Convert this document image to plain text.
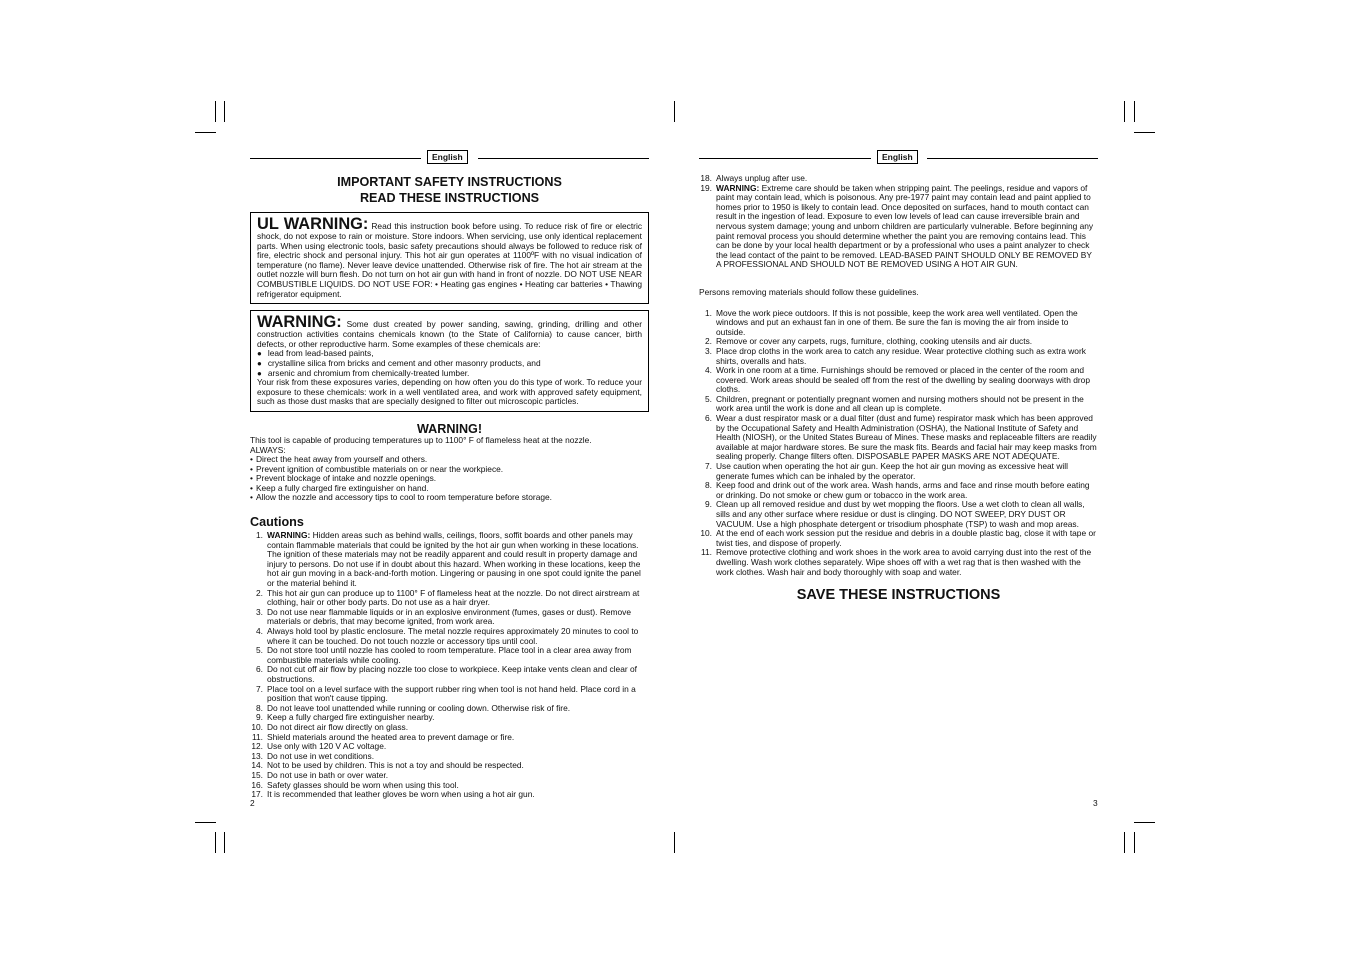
English
IMPORTANT SAFETY INSTRUCTIONS
READ THESE INSTRUCTIONS
UL WARNING: Read this instruction book before using. To reduce risk of fire or electric shock, do not expose to rain or moisture. Store indoors. When servicing, use only identical replacement parts. When using electronic tools, basic safety precautions should always be followed to reduce risk of fire, electric shock and personal injury. This hot air gun operates at 1100ºF with no visual indication of temperature (no flame). Never leave device unattended. Otherwise risk of fire. The hot air stream at the outlet nozzle will burn flesh. Do not turn on hot air gun with hand in front of nozzle. DO NOT USE NEAR COMBUSTIBLE LIQUIDS. DO NOT USE FOR: • Heating gas engines • Heating car batteries • Thawing refrigerator equipment.
WARNING: Some dust created by power sanding, sawing, grinding, drilling and other construction activities contains chemicals known (to the State of California) to cause cancer, birth defects, or other reproductive harm. Some examples of these chemicals are:
● lead from lead-based paints,
● crystalline silica from bricks and cement and other masonry products, and
● arsenic and chromium from chemically-treated lumber.
Your risk from these exposures varies, depending on how often you do this type of work. To reduce your exposure to these chemicals: work in a well ventilated area, and work with approved safety equipment, such as those dust masks that are specially designed to filter out microscopic particles.
WARNING!
This tool is capable of producing temperatures up to 1100° F of flameless heat at the nozzle.
ALWAYS:
• Direct the heat away from yourself and others.
• Prevent ignition of combustible materials on or near the workpiece.
• Prevent blockage of intake and nozzle openings.
• Keep a fully charged fire extinguisher on hand.
• Allow the nozzle and accessory tips to cool to room temperature before storage.
Cautions
1. WARNING: Hidden areas such as behind walls, ceilings, floors, soffit boards and other panels may contain flammable materials that could be ignited by the hot air gun when working in these locations. The ignition of these materials may not be readily apparent and could result in property damage and injury to persons. Do not use if in doubt about this hazard. When working in these locations, keep the hot air gun moving in a back-and-forth motion. Lingering or pausing in one spot could ignite the panel or the material behind it.
2. This hot air gun can produce up to 1100° F of flameless heat at the nozzle. Do not direct airstream at clothing, hair or other body parts. Do not use as a hair dryer.
3. Do not use near flammable liquids or in an explosive environment (fumes, gases or dust). Remove materials or debris, that may become ignited, from work area.
4. Always hold tool by plastic enclosure. The metal nozzle requires approximately 20 minutes to cool to where it can be touched. Do not touch nozzle or accessory tips until cool.
5. Do not store tool until nozzle has cooled to room temperature. Place tool in a clear area away from combustible materials while cooling.
6. Do not cut off air flow by placing nozzle too close to workpiece. Keep intake vents clean and clear of obstructions.
7. Place tool on a level surface with the support rubber ring when tool is not hand held. Place cord in a position that won't cause tipping.
8. Do not leave tool unattended while running or cooling down. Otherwise risk of fire.
9. Keep a fully charged fire extinguisher nearby.
10. Do not direct air flow directly on glass.
11. Shield materials around the heated area to prevent damage or fire.
12. Use only with 120 V AC voltage.
13. Do not use in wet conditions.
14. Not to be used by children. This is not a toy and should be respected.
15. Do not use in bath or over water.
16. Safety glasses should be worn when using this tool.
17. It is recommended that leather gloves be worn when using a hot air gun.
2
English
18. Always unplug after use.
19. WARNING: Extreme care should be taken when stripping paint. The peelings, residue and vapors of paint may contain lead, which is poisonous. Any pre-1977 paint may contain lead and paint applied to homes prior to 1950 is likely to contain lead. Once deposited on surfaces, hand to mouth contact can result in the ingestion of lead. Exposure to even low levels of lead can cause irreversible brain and nervous system damage; young and unborn children are particularly vulnerable. Before beginning any paint removal process you should determine whether the paint you are removing contains lead. This can be done by your local health department or by a professional who uses a paint analyzer to check the lead contact of the paint to be removed. LEAD-BASED PAINT SHOULD ONLY BE REMOVED BY A PROFESSIONAL AND SHOULD NOT BE REMOVED USING A HOT AIR GUN.
Persons removing materials should follow these guidelines.
1. Move the work piece outdoors. If this is not possible, keep the work area well ventilated. Open the windows and put an exhaust fan in one of them. Be sure the fan is moving the air from inside to outside.
2. Remove or cover any carpets, rugs, furniture, clothing, cooking utensils and air ducts.
3. Place drop cloths in the work area to catch any residue. Wear protective clothing such as extra work shirts, overalls and hats.
4. Work in one room at a time. Furnishings should be removed or placed in the center of the room and covered. Work areas should be sealed off from the rest of the dwelling by sealing doorways with drop cloths.
5. Children, pregnant or potentially pregnant women and nursing mothers should not be present in the work area until the work is done and all clean up is complete.
6. Wear a dust respirator mask or a dual filter (dust and fume) respirator mask which has been approved by the Occupational Safety and Health Administration (OSHA), the National Institute of Safety and Health (NIOSH), or the United States Bureau of Mines. These masks and replaceable filters are readily available at major hardware stores. Be sure the mask fits. Beards and facial hair may keep masks from sealing properly. Change filters often. DISPOSABLE PAPER MASKS ARE NOT ADEQUATE.
7. Use caution when operating the hot air gun. Keep the hot air gun moving as excessive heat will generate fumes which can be inhaled by the operator.
8. Keep food and drink out of the work area. Wash hands, arms and face and rinse mouth before eating or drinking. Do not smoke or chew gum or tobacco in the work area.
9. Clean up all removed residue and dust by wet mopping the floors. Use a wet cloth to clean all walls, sills and any other surface where residue or dust is clinging. DO NOT SWEEP, DRY DUST OR VACUUM. Use a high phosphate detergent or trisodium phosphate (TSP) to wash and mop areas.
10. At the end of each work session put the residue and debris in a double plastic bag, close it with tape or twist ties, and dispose of properly.
11. Remove protective clothing and work shoes in the work area to avoid carrying dust into the rest of the dwelling. Wash work clothes separately. Wipe shoes off with a wet rag that is then washed with the work clothes. Wash hair and body thoroughly with soap and water.
SAVE THESE INSTRUCTIONS
3
